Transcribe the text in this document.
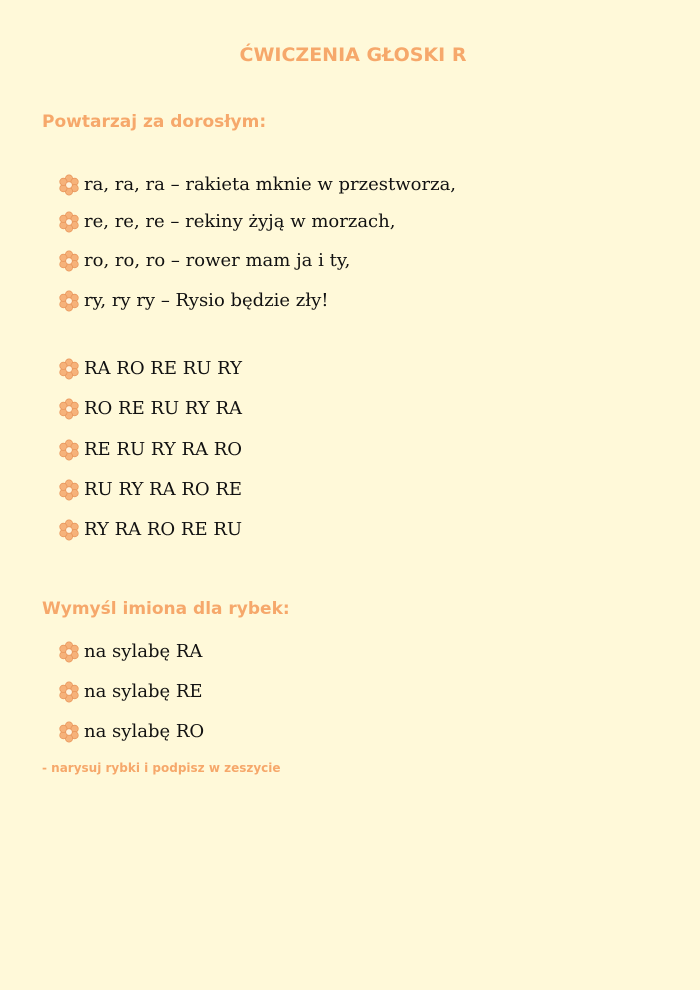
ĆWICZENIA GŁOSKI R
Powtarzaj za dorosłym:
ra, ra, ra – rakieta mknie w przestworza,
re, re, re – rekiny żyją w morzach,
ro, ro, ro – rower mam ja i ty,
ry, ry ry – Rysio będzie zły!
RA RO RE RU RY
RO RE RU RY RA
RE RU RY RA RO
RU RY RA RO RE
RY RA RO RE RU
Wymyśl imiona dla rybek:
na sylabę RA
na sylabę RE
na sylabę RO
- narysuj rybki i podpisz w zeszycie
